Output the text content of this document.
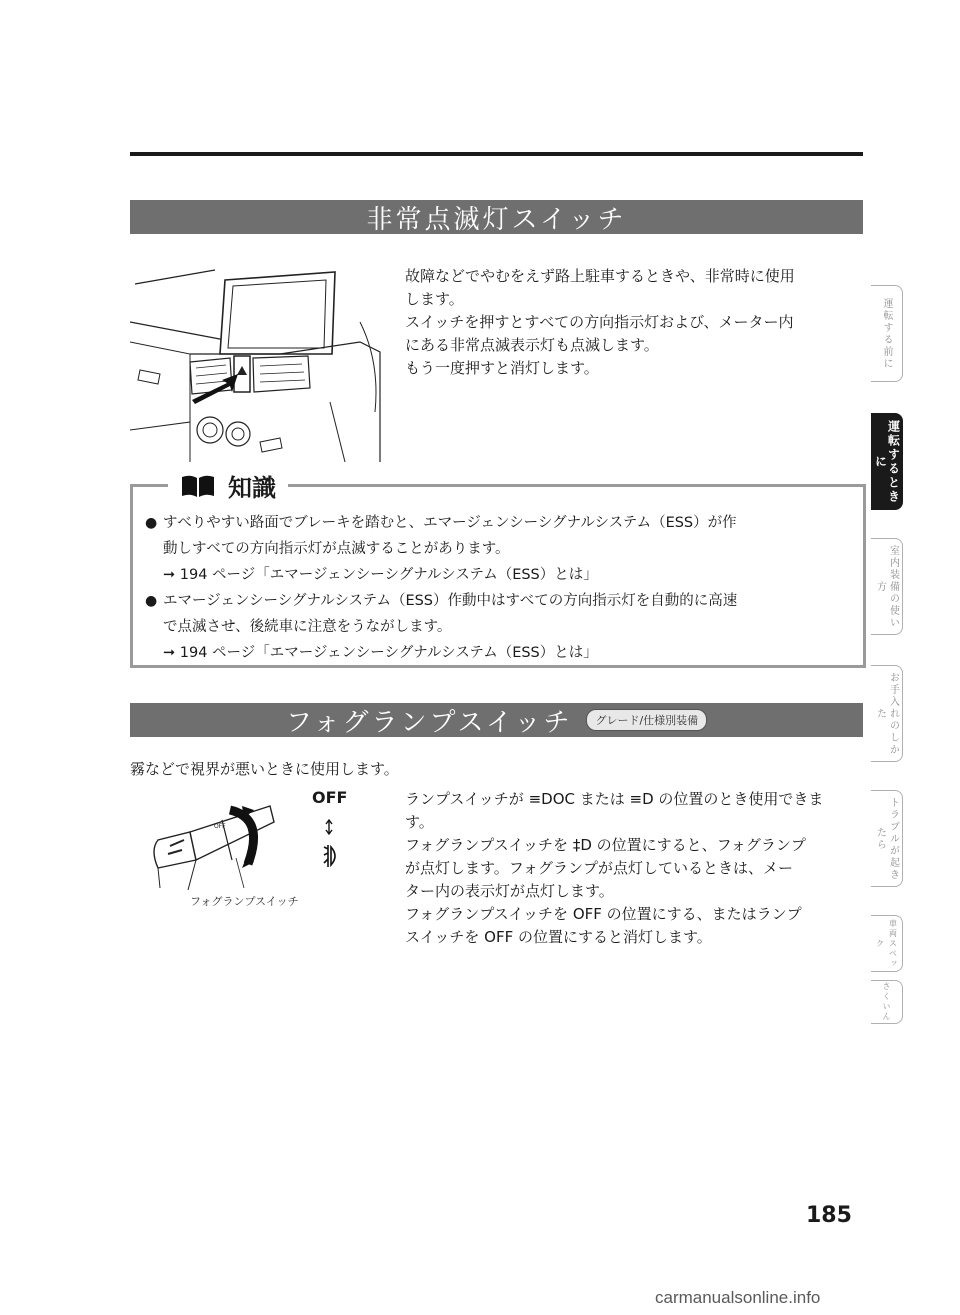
非常点滅灯スイッチ

故障などでやむをえず路上駐車するときや、非常時に使用

します。

スイッチを押すとすべての方向指示灯および、メーター内

にある非常点滅表示灯も点滅します。

もう一度押すと消灯します。

知識
● すべりやすい路面でブレーキを踏むと、エマージェンシーシグナルシステム（ESS）が作
動しすべての方向指示灯が点滅することがあります。
➞ 194 ページ「エマージェンシーシグナルシステム（ESS）とは」
● エマージェンシーシグナルシステム（ESS）作動中はすべての方向指示灯を自動的に高速
で点滅させ、後続車に注意をうながします。
➞ 194 ページ「エマージェンシーシグナルシステム（ESS）とは」
フォグランプスイッチ	グレード/仕様別装備
霧などで視界が悪いときに使用します。
OFF
OFF
フォグランプスイッチ

ランプスイッチが ≡DOC または ≡D の位置のとき使用できま

す。

フォグランプスイッチを ‡D の位置にすると、フォグランプ

が点灯します。フォグランプが点灯しているときは、メー

ター内の表示灯が点灯します。

フォグランプスイッチを OFF の位置にする、またはランプ

スイッチを OFF の位置にすると消灯します。

運転する前に
運転するときに
室内装備の使い方
お手入れのしかた
トラブルが起きたら
車両スペック
さくいん
185
carmanualsonline.info
